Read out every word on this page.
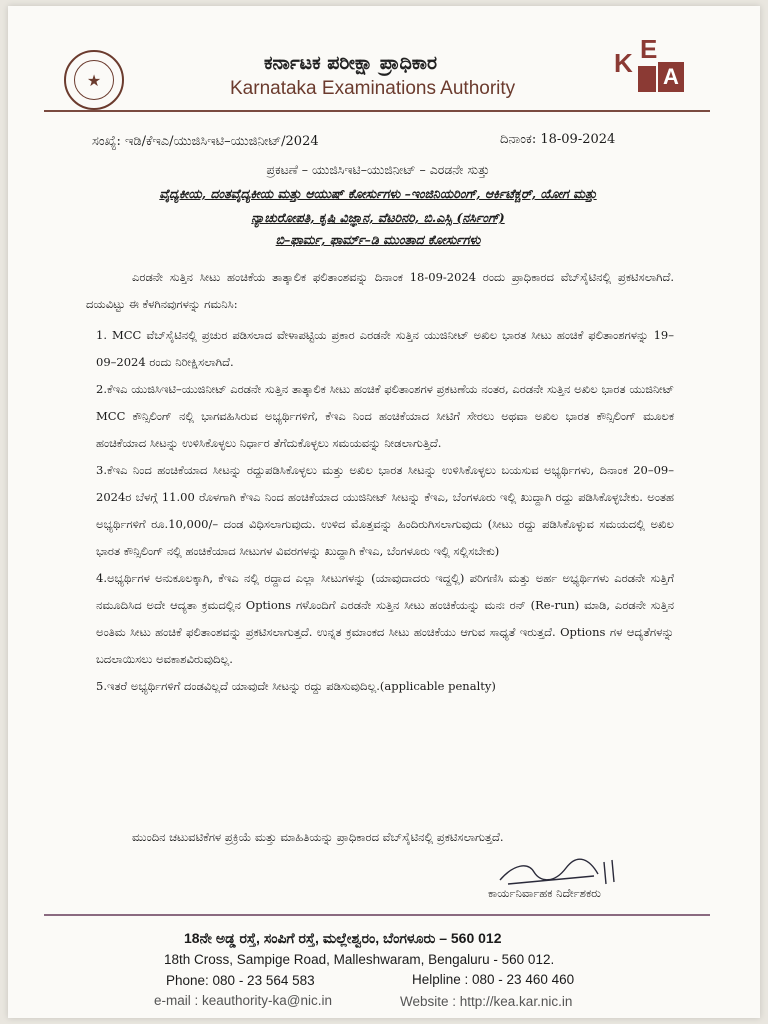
★
ಕರ್ನಾಟಕ ಪರೀಕ್ಷಾ ಪ್ರಾಧಿಕಾರ
Karnataka Examinations Authority
K E
A
ಸಂಖ್ಯೆ: ಇಡಿ/ಕೆಇಎ/ಯುಜಿಸಿಇಟಿ–ಯುಜಿನೀಟ್/2024	ದಿನಾಂಕ: 18-09-2024
ಪ್ರಕಟಣೆ – ಯುಜಿಸಿಇಟಿ–ಯುಜಿನೀಟ್ – ಎರಡನೇ ಸುತ್ತು
ವೈದ್ಯಕೀಯ, ದಂತವೈದ್ಯಕೀಯ ಮತ್ತು ಆಯುಷ್ ಕೋರ್ಸುಗಳು –ಇಂಜಿನಿಯರಿಂಗ್, ಆರ್ಕಿಟೆಕ್ಚರ್, ಯೋಗ ಮತ್ತು
ನ್ಯಾಚುರೋಪತಿ, ಕೃಷಿ ವಿಜ್ಞಾನ, ವೆಟರಿನರಿ, ಬಿ.ಎಸ್ಸಿ (ನರ್ಸಿಂಗ್)
ಬಿ–ಫಾರ್ಮ, ಫಾರ್ಮ್–ಡಿ ಮುಂತಾದ ಕೋರ್ಸುಗಳು
ಎರಡನೇ ಸುತ್ತಿನ ಸೀಟು ಹಂಚಿಕೆಯ ತಾತ್ಕಾಲಿಕ ಫಲಿತಾಂಶವನ್ನು ದಿನಾಂಕ 18-09-2024 ರಂದು ಪ್ರಾಧಿಕಾರದ ವೆಬ್‌ಸೈಟಿನಲ್ಲಿ ಪ್ರಕಟಿಸಲಾಗಿದೆ. ದಯವಿಟ್ಟು ಈ ಕೆಳಗಿನವುಗಳನ್ನು ಗಮನಿಸಿ:

1. MCC ವೆಬ್‌ಸೈಟಿನಲ್ಲಿ ಪ್ರಚುರ ಪಡಿಸಲಾದ ವೇಳಾಪಟ್ಟಿಯ ಪ್ರಕಾರ ಎರಡನೇ ಸುತ್ತಿನ ಯುಜಿನೀಟ್ ಅಖಿಲ ಭಾರತ ಸೀಟು ಹಂಚಿಕೆ ಫಲಿತಾಂಶಗಳನ್ನು 19–09–2024 ರಂದು ನಿರೀಕ್ಷಿಸಲಾಗಿದೆ.

2.ಕೆಇಎ ಯುಜಿಸಿಇಟಿ–ಯುಜಿನೀಟ್ ಎರಡನೇ ಸುತ್ತಿನ ತಾತ್ಕಾಲಿಕ ಸೀಟು ಹಂಚಿಕೆ ಫಲಿತಾಂಶಗಳ ಪ್ರಕಟಣೆಯ ನಂತರ, ಎರಡನೇ ಸುತ್ತಿನ ಅಖಿಲ ಭಾರತ ಯುಜಿನೀಟ್ MCC ಕೌನ್ಸಿಲಿಂಗ್ ನಲ್ಲಿ ಭಾಗವಹಿಸಿರುವ ಅಭ್ಯರ್ಥಿಗಳಿಗೆ, ಕೆಇಎ ನಿಂದ ಹಂಚಿಕೆಯಾದ ಸೀಟಿಗೆ ಸೇರಲು ಅಥವಾ ಅಖಿಲ ಭಾರತ ಕೌನ್ಸಿಲಿಂಗ್ ಮೂಲಕ ಹಂಚಿಕೆಯಾದ ಸೀಟನ್ನು ಉಳಿಸಿಕೊಳ್ಳಲು ನಿರ್ಧಾರ ತೆಗೆದುಕೊಳ್ಳಲು ಸಮಯವನ್ನು ನೀಡಲಾಗುತ್ತಿದೆ.

3.ಕೆಇಎ ನಿಂದ ಹಂಚಿಕೆಯಾದ ಸೀಟನ್ನು ರದ್ದುಪಡಿಸಿಕೊಳ್ಳಲು ಮತ್ತು ಅಖಿಲ ಭಾರತ ಸೀಟನ್ನು ಉಳಿಸಿಕೊಳ್ಳಲು ಬಯಸುವ ಅಭ್ಯರ್ಥಿಗಳು, ದಿನಾಂಕ 20–09–2024ರ ಬೆಳಗ್ಗೆ 11.00 ರೊಳಗಾಗಿ ಕೆಇಎ ನಿಂದ ಹಂಚಿಕೆಯಾದ ಯುಜಿನೀಟ್ ಸೀಟನ್ನು ಕೆಇಎ, ಬೆಂಗಳೂರು ಇಲ್ಲಿ ಖುದ್ದಾಗಿ ರದ್ದು ಪಡಿಸಿಕೊಳ್ಳಬೇಕು. ಅಂತಹ ಅಭ್ಯರ್ಥಿಗಳಿಗೆ ರೂ.10,000/– ದಂಡ ವಿಧಿಸಲಾಗುವುದು. ಉಳಿದ ಮೊತ್ತವನ್ನು ಹಿಂದಿರುಗಿಸಲಾಗುವುದು (ಸೀಟು ರದ್ದು ಪಡಿಸಿಕೊಳ್ಳುವ ಸಮಯದಲ್ಲಿ ಅಖಿಲ ಭಾರತ ಕೌನ್ಸಿಲಿಂಗ್ ನಲ್ಲಿ ಹಂಚಿಕೆಯಾದ ಸೀಟುಗಳ ವಿವರಗಳನ್ನು ಖುದ್ದಾಗಿ ಕೆಇಎ, ಬೆಂಗಳೂರು ಇಲ್ಲಿ ಸಲ್ಲಿಸಬೇಕು)

4.ಅಭ್ಯರ್ಥಿಗಳ ಅನುಕೂಲಕ್ಕಾಗಿ, ಕೆಇಎ ನಲ್ಲಿ ರದ್ದಾದ ಎಲ್ಲಾ ಸೀಟುಗಳನ್ನು (ಯಾವುದಾದರು ಇದ್ದಲ್ಲಿ) ಪರಿಗಣಿಸಿ ಮತ್ತು ಅರ್ಹ ಅಭ್ಯರ್ಥಿಗಳು ಎರಡನೇ ಸುತ್ತಿಗೆ ನಮೂದಿಸಿದ ಅದೇ ಆದ್ಯತಾ ಕ್ರಮದಲ್ಲಿನ Options ಗಳೊಂದಿಗೆ ಎರಡನೇ ಸುತ್ತಿನ ಸೀಟು ಹಂಚಿಕೆಯನ್ನು ಮನಃ ರನ್ (Re-run) ಮಾಡಿ, ಎರಡನೇ ಸುತ್ತಿನ ಅಂತಿಮ ಸೀಟು ಹಂಚಿಕೆ ಫಲಿತಾಂಶವನ್ನು ಪ್ರಕಟಿಸಲಾಗುತ್ತದೆ. ಉನ್ನತ ಕ್ರಮಾಂಕದ ಸೀಟು ಹಂಚಿಕೆಯು ಆಗುವ ಸಾಧ್ಯತೆ ಇರುತ್ತದೆ. Options ಗಳ ಆದ್ಯತೆಗಳನ್ನು ಬದಲಾಯಿಸಲು ಅವಕಾಶವಿರುವುದಿಲ್ಲ.

5.ಇತರೆ ಅಭ್ಯರ್ಥಿಗಳಿಗೆ ದಂಡವಿಲ್ಲದೆ ಯಾವುದೇ ಸೀಟನ್ನು ರದ್ದು ಪಡಿಸುವುದಿಲ್ಲ.(applicable penalty)

ಮುಂದಿನ ಚಟುವಟಿಕೆಗಳ ಪ್ರಕ್ರಿಯೆ ಮತ್ತು ಮಾಹಿತಿಯನ್ನು ಪ್ರಾಧಿಕಾರದ ವೆಬ್‌ಸೈಟಿನಲ್ಲಿ ಪ್ರಕಟಿಸಲಾಗುತ್ತದೆ.
ಕಾರ್ಯನಿರ್ವಾಹಕ ನಿರ್ದೇಶಕರು
18ನೇ ಅಡ್ಡ ರಸ್ತೆ, ಸಂಪಿಗೆ ರಸ್ತೆ, ಮಲ್ಲೇಶ್ವರಂ, ಬೆಂಗಳೂರು – 560 012
18th Cross, Sampige Road, Malleshwaram, Bengaluru - 560 012.
Phone: 080 - 23 564 583	Helpline : 080 - 23 460 460
e-mail : keauthority-ka@nic.in	Website : http://kea.kar.nic.in
